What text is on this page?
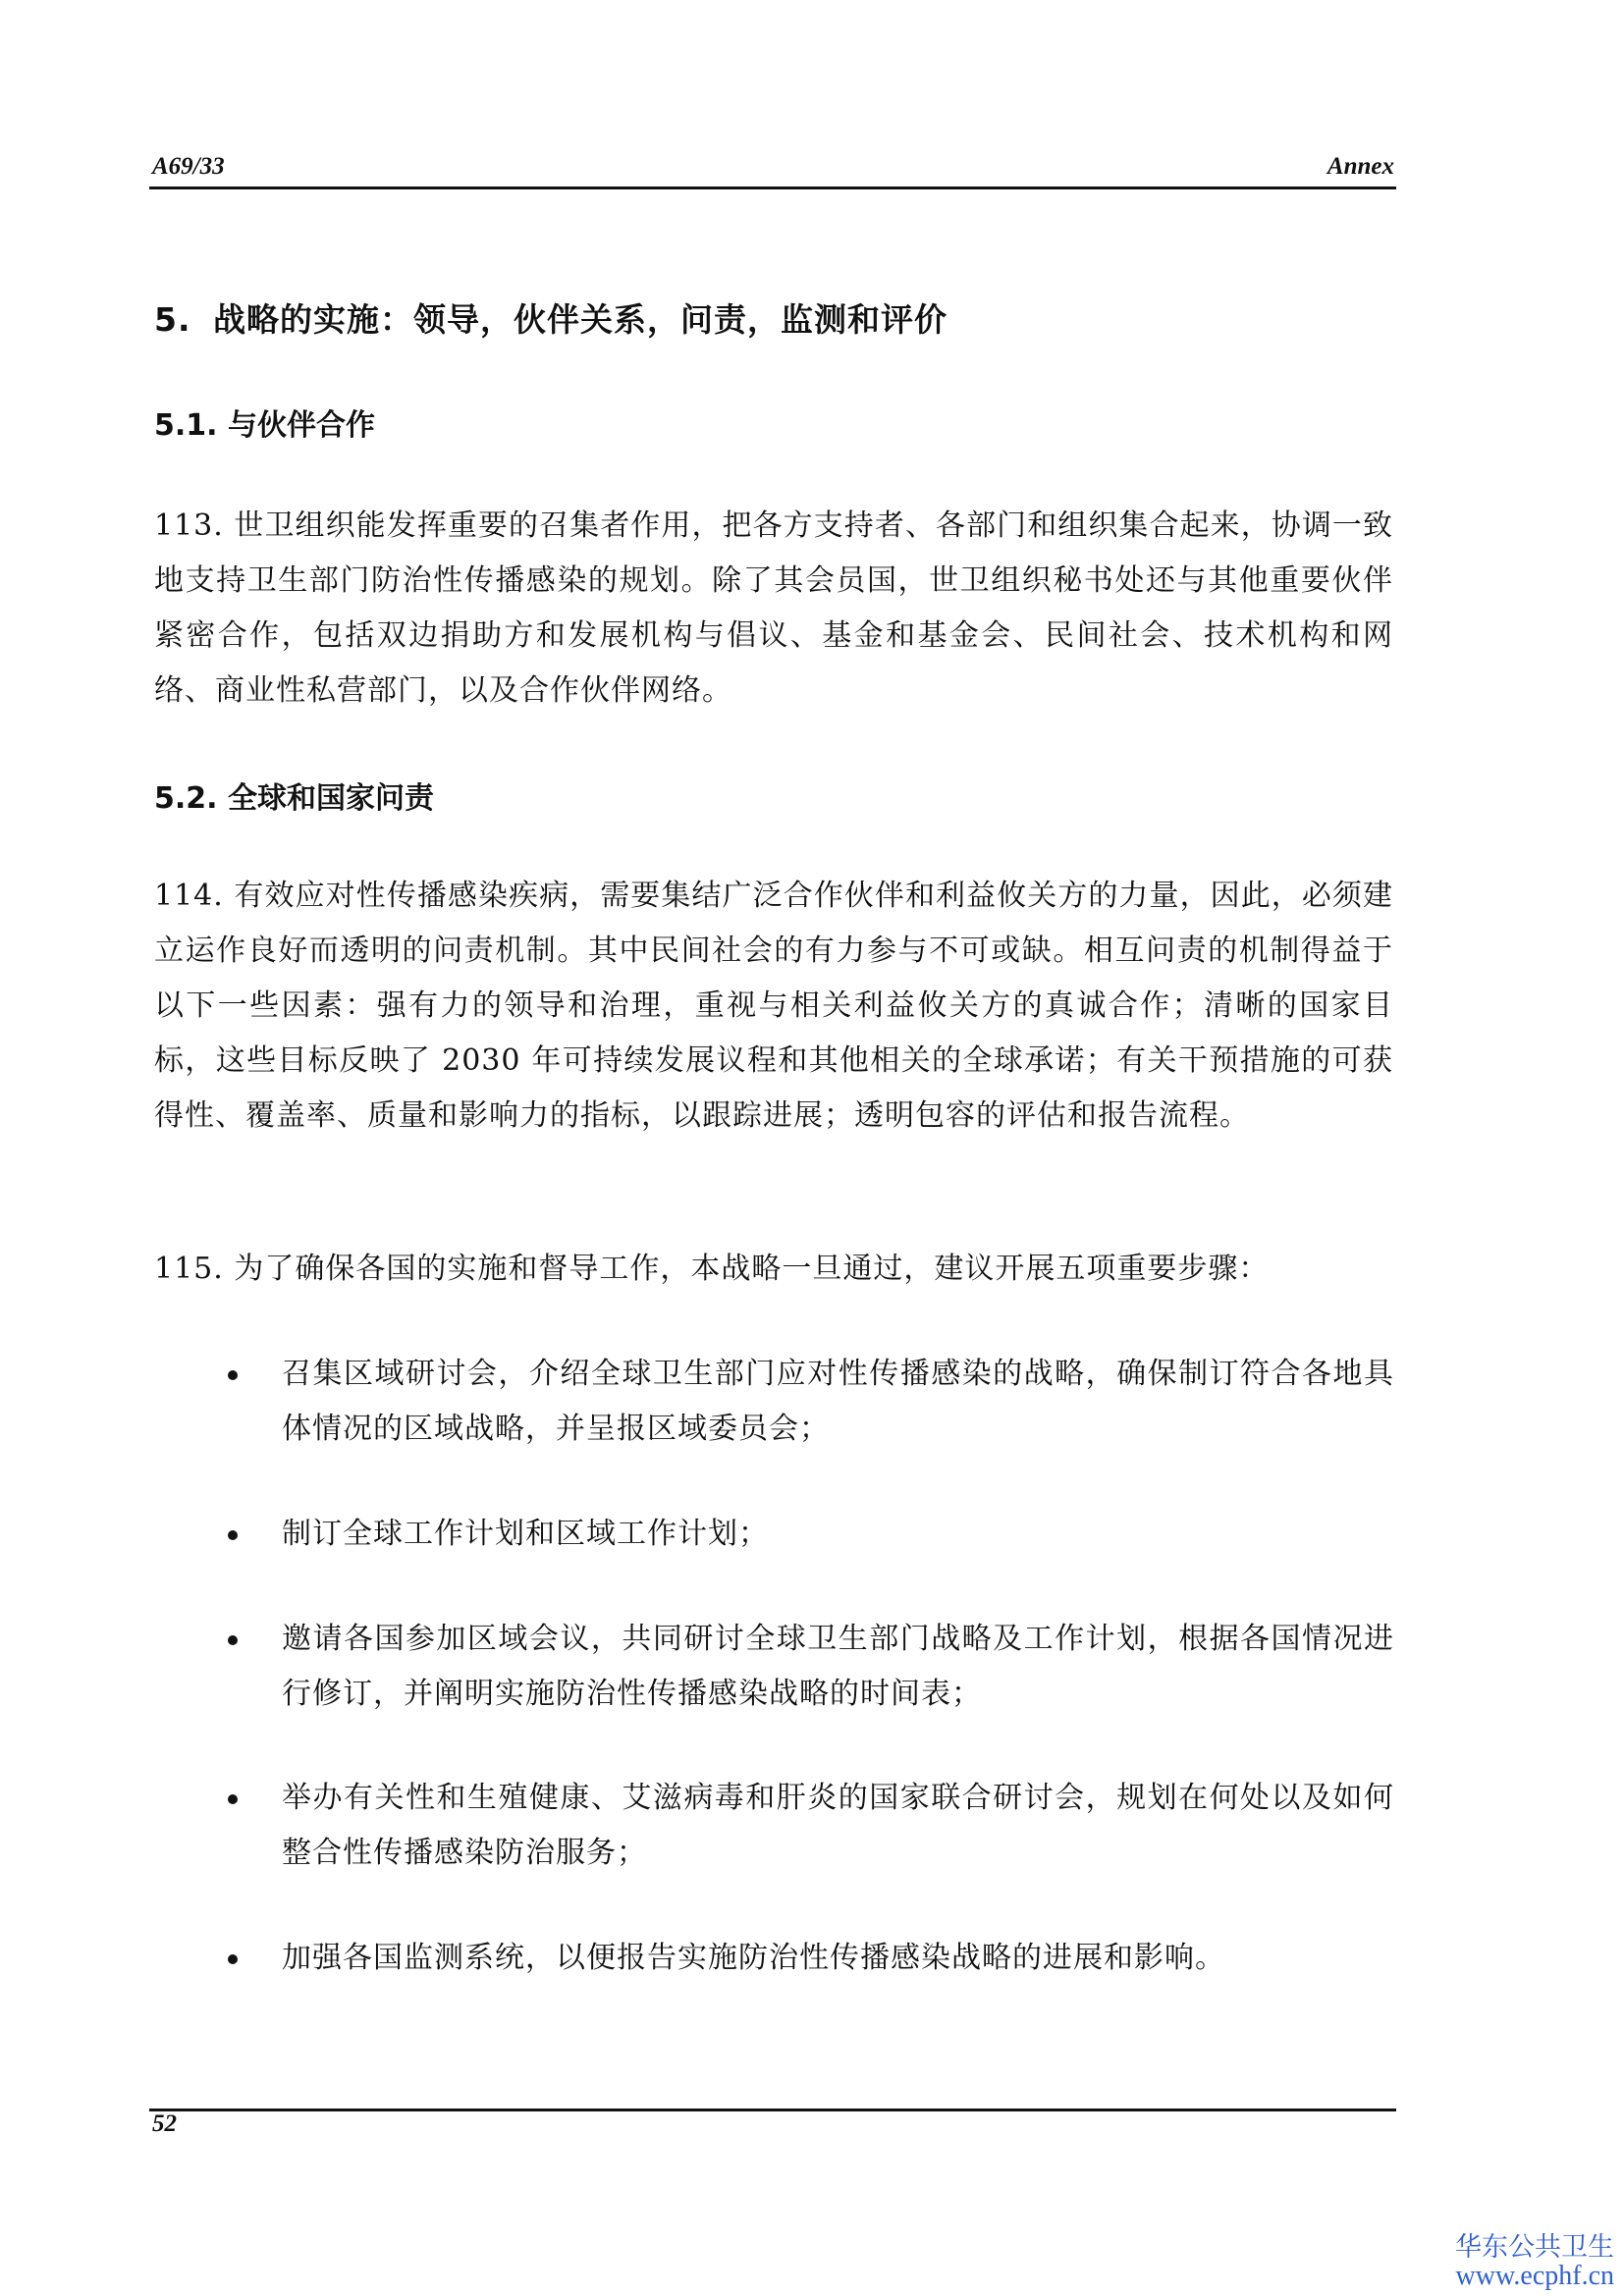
A69/33	Annex
5. 战略的实施：领导，伙伴关系，问责，监测和评价
5.1. 与伙伴合作
113. 世卫组织能发挥重要的召集者作用，把各方支持者、各部门和组织集合起来，协调一致地支持卫生部门防治性传播感染的规划。除了其会员国，世卫组织秘书处还与其他重要伙伴紧密合作，包括双边捐助方和发展机构与倡议、基金和基金会、民间社会、技术机构和网络、商业性私营部门，以及合作伙伴网络。
5.2. 全球和国家问责
114. 有效应对性传播感染疾病，需要集结广泛合作伙伴和利益攸关方的力量，因此，必须建立运作良好而透明的问责机制。其中民间社会的有力参与不可或缺。相互问责的机制得益于以下一些因素：强有力的领导和治理，重视与相关利益攸关方的真诚合作；清晰的国家目标，这些目标反映了 2030 年可持续发展议程和其他相关的全球承诺；有关干预措施的可获得性、覆盖率、质量和影响力的指标，以跟踪进展；透明包容的评估和报告流程。
115. 为了确保各国的实施和督导工作，本战略一旦通过，建议开展五项重要步骤：
召集区域研讨会，介绍全球卫生部门应对性传播感染的战略，确保制订符合各地具体情况的区域战略，并呈报区域委员会；
制订全球工作计划和区域工作计划；
邀请各国参加区域会议，共同研讨全球卫生部门战略及工作计划，根据各国情况进行修订，并阐明实施防治性传播感染战略的时间表；
举办有关性和生殖健康、艾滋病毒和肝炎的国家联合研讨会，规划在何处以及如何整合性传播感染防治服务；
加强各国监测系统，以便报告实施防治性传播感染战略的进展和影响。
52
华东公共卫生
www.ecphf.cn
